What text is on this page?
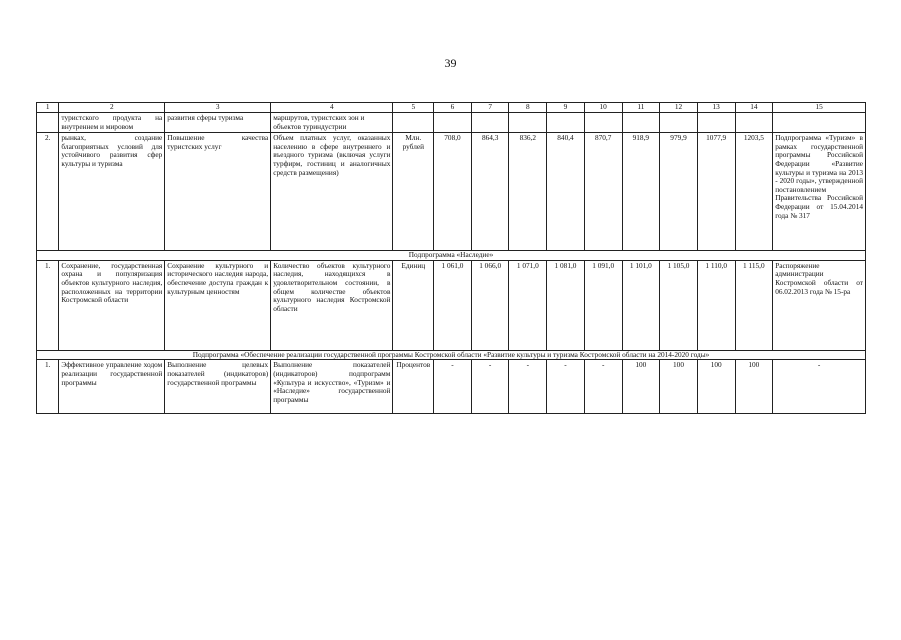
39
1	2	3	4	5	6	7	8	9	10	11	12	13	14	15
	туристского продукта на внутреннем и мировом	развития сферы туризма	маршрутов, туристских зон и объектов туриндустрии											
2.	рынках, создание благоприятных условий для устойчивого развития сфер культуры и туризма	Повышение качества туристских услуг	Объем платных услуг, оказанных населению в сфере внутреннего и въездного туризма (включая услуги турфирм, гостиниц и аналогичных средств размещения)	Млн. рублей	708,0	864,3	836,2	840,4	870,7	918,9	979,9	1077,9	1203,5	Подпрограмма «Туризм» в рамках государственной программы Российской Федерации «Развитие культуры и туризма на 2013 - 2020 годы», утвержденной постановлением Правительства Российской Федерации от 15.04.2014 года № 317
Подпрограмма «Наследие»														
1.	Сохранение, государственная охрана и популяризация объектов культурного наследия, расположенных на территории Костромской области	Сохранение культурного и исторического наследия народа, обеспечение доступа граждан к культурным ценностям	Количество объектов культурного наследия, находящихся в удовлетворительном состоянии, в общем количестве объектов культурного наследия Костромской области	Единиц	1 061,0	1 066,0	1 071,0	1 081,0	1 091,0	1 101,0	1 105,0	1 110,0	1 115,0	Распоряжение администрации Костромской области от 06.02.2013 года № 15-ра
Подпрограмма «Обеспечение реализации государственной программы Костромской области «Развитие культуры и туризма Костромской области на 2014-2020 годы»														
1.	Эффективное управление ходом реализации государственной программы	Выполнение целевых показателей (индикаторов) государственной программы	Выполнение показателей (индикаторов) подпрограмм «Культура и искусство», «Туризм» и «Наследие» государственной программы	Процентов	-	-	-	-	-	100	100	100	100	-
